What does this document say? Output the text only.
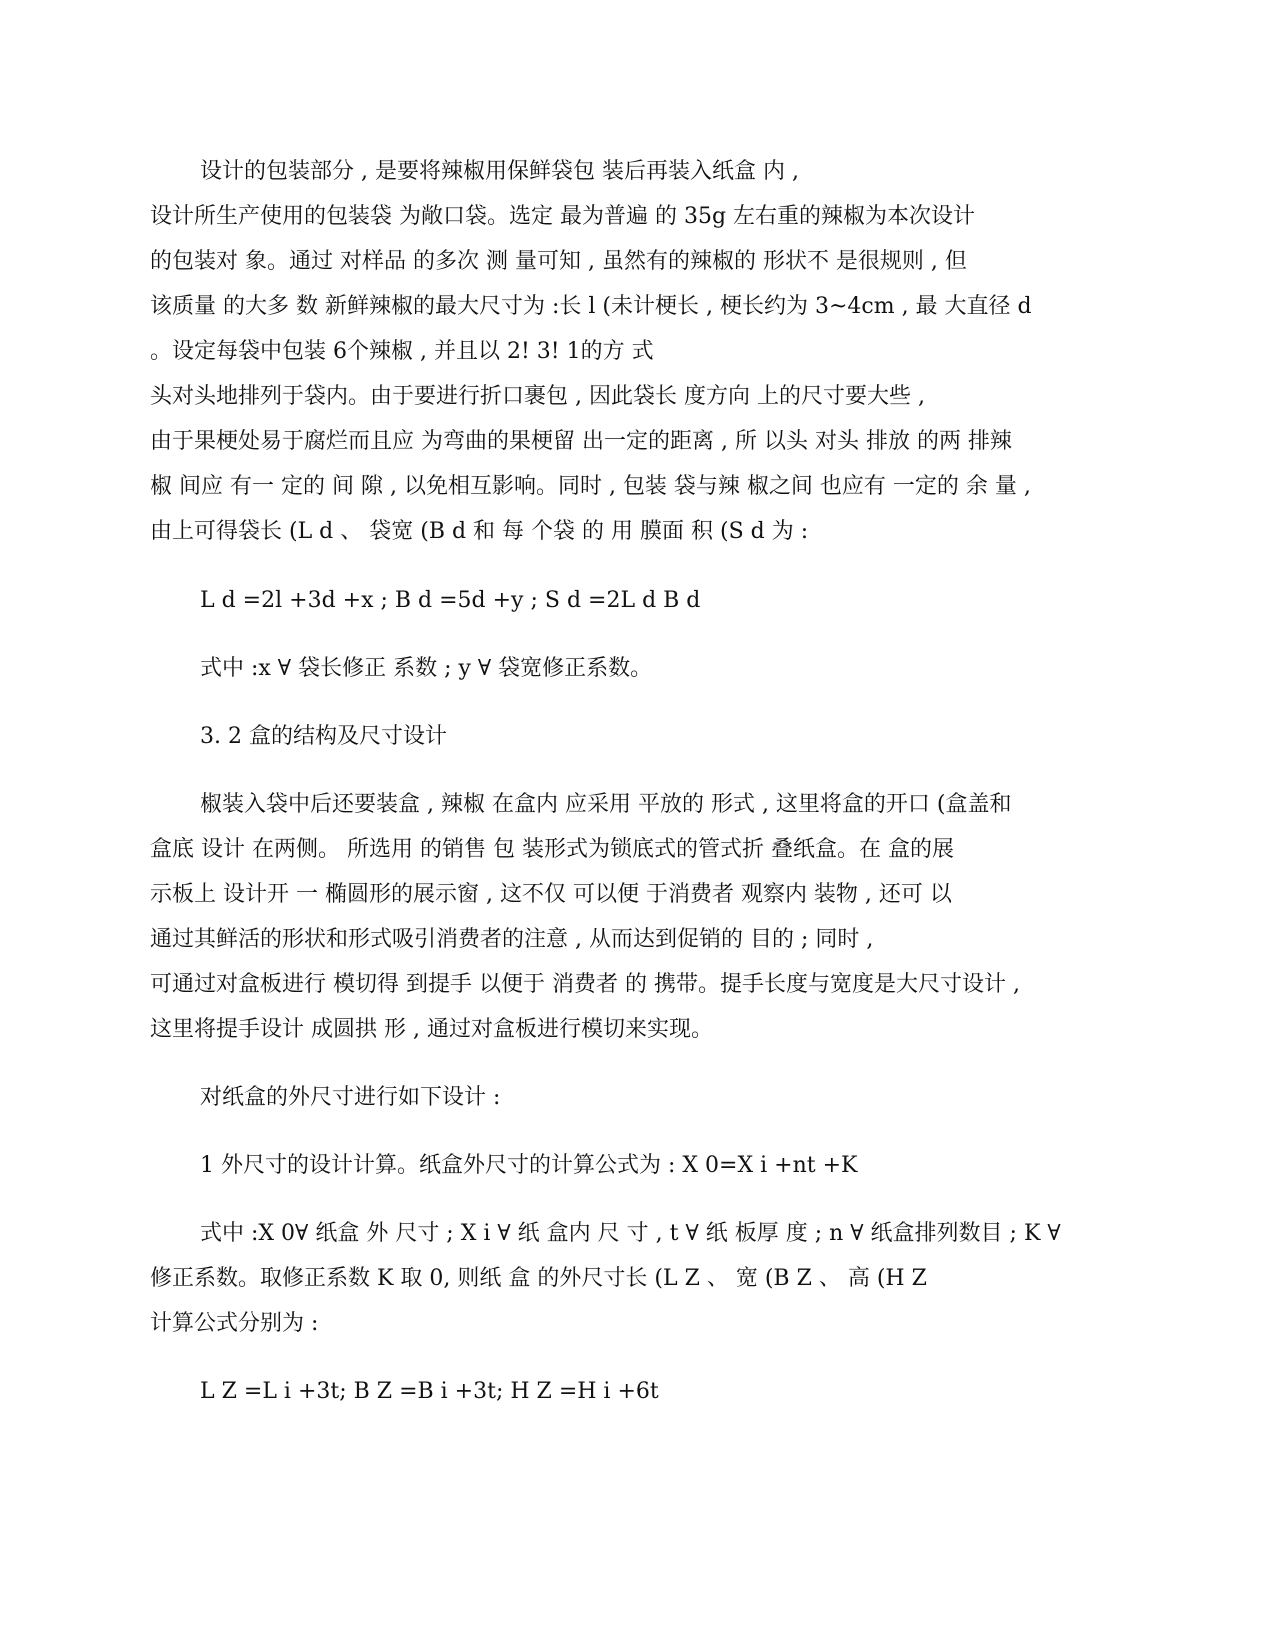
设计的包装部分 , 是要将辣椒用保鲜袋包 装后再装入纸盒 内 ,
设计所生产使用的包装袋 为敞口袋。选定 最为普遍 的 35g 左右重的辣椒为本次设计
的包装对 象。通过 对样品 的多次 测 量可知 , 虽然有的辣椒的 形状不 是很规则 , 但
该质量 的大多 数 新鲜辣椒的最大尺寸为 :长 l (未计梗长 , 梗长约为 3~4cm , 最 大直径 d
。设定每袋中包装 6个辣椒 , 并且以 2! 3! 1的方 式
头对头地排列于袋内。由于要进行折口裹包 , 因此袋长 度方向 上的尺寸要大些 ,
由于果梗处易于腐烂而且应 为弯曲的果梗留 出一定的距离 , 所 以头 对头 排放 的两 排辣
椒 间应 有一 定的 间 隙 , 以免相互影响。同时 , 包装 袋与辣 椒之间 也应有 一定的 余 量 ,
由上可得袋长 (L d 、 袋宽 (B d 和 每 个袋 的 用 膜面 积 (S d 为 :
L d =2l +3d +x ; B d =5d +y ; S d =2L d B d
式中 :x ∀ 袋长修正 系数 ; y ∀ 袋宽修正系数。
3. 2 盒的结构及尺寸设计
椒装入袋中后还要装盒 , 辣椒 在盒内 应采用 平放的 形式 , 这里将盒的开口 (盒盖和
盒底 设计 在两侧。 所选用 的销售 包 装形式为锁底式的管式折 叠纸盒。在 盒的展
示板上 设计开 一 椭圆形的展示窗 , 这不仅 可以便 于消费者 观察内 装物 , 还可 以
通过其鲜活的形状和形式吸引消费者的注意 , 从而达到促销的 目的 ; 同时 ,
可通过对盒板进行 模切得 到提手 以便于 消费者 的 携带。提手长度与宽度是大尺寸设计 ,
这里将提手设计 成圆拱 形 , 通过对盒板进行模切来实现。
对纸盒的外尺寸进行如下设计 :
1 外尺寸的设计计算。纸盒外尺寸的计算公式为 : X 0=X i +nt +K
式中 :X 0∀ 纸盒 外 尺寸 ; X i ∀ 纸 盒内 尺 寸 , t ∀ 纸 板厚 度 ; n ∀ 纸盒排列数目 ; K ∀
修正系数。取修正系数 K 取 0, 则纸 盒 的外尺寸长 (L Z 、 宽 (B Z 、 高 (H Z
计算公式分别为 :
L Z =L i +3t; B Z =B i +3t; H Z =H i +6t
